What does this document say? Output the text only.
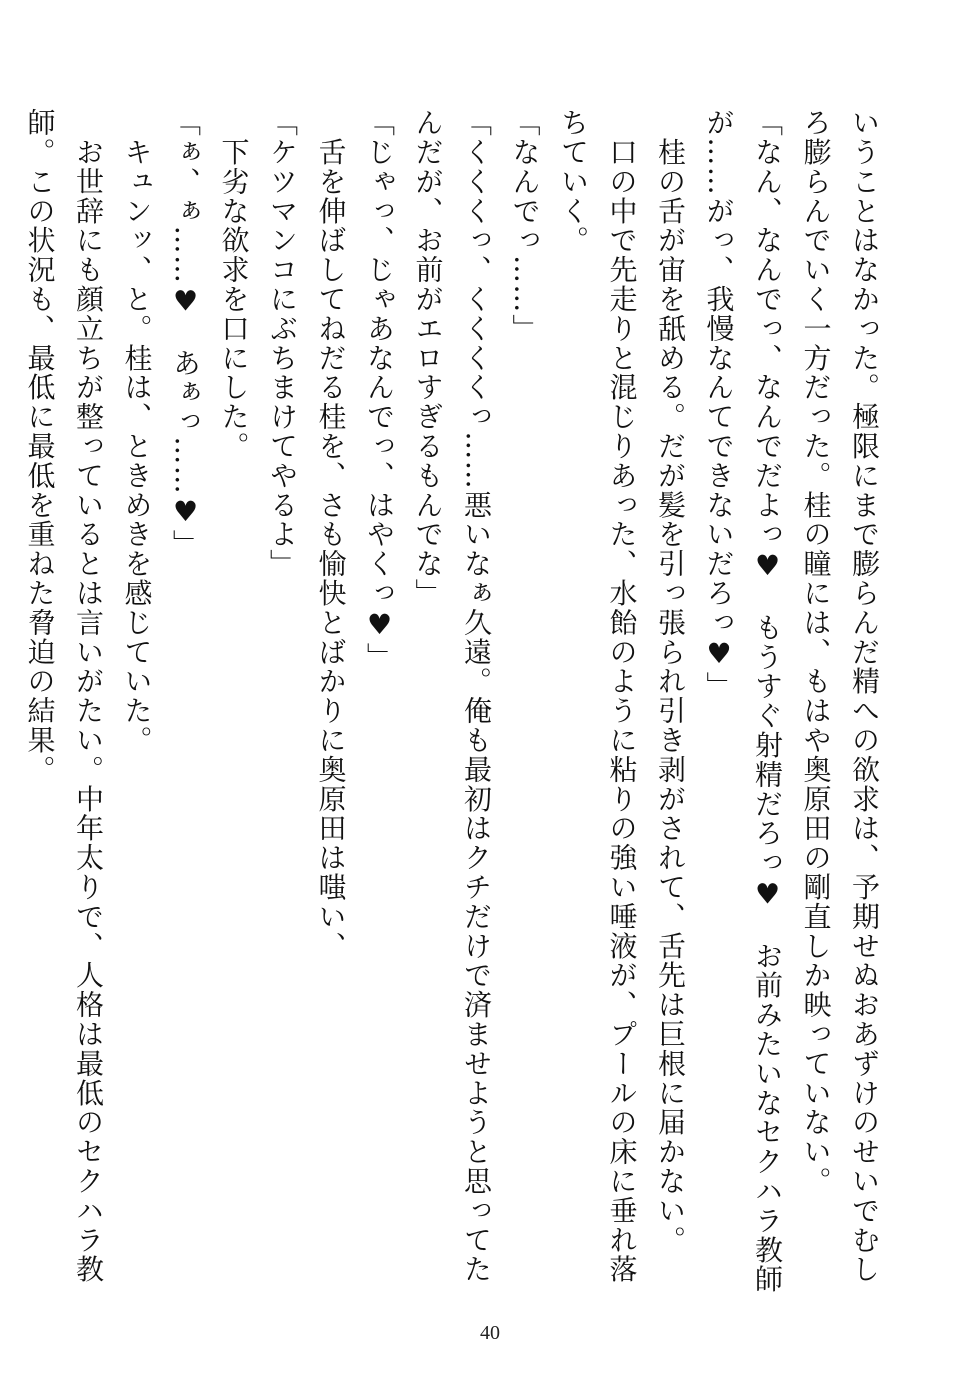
いうことはなかった。極限にまで膨らんだ精への欲求は、予期せぬおあずけのせいでむし
ろ膨らんでいく一方だった。桂の瞳には、もはや奥原田の剛直しか映っていない。
「なん、なんでっ、なんでだよっ♥　もうすぐ射精だろっ♥　お前みたいなセクハラ教師
が……がっ、我慢なんてできないだろっ♥」
　桂の舌が宙を舐める。だが髪を引っ張られ引き剥がされて、舌先は巨根に届かない。
　口の中で先走りと混じりあった、水飴のように粘りの強い唾液が、プールの床に垂れ落
ちていく。
「なんでっ……」
「くくくっ、くくくくっ……悪いなぁ久遠。俺も最初はクチだけで済ませようと思ってた
んだが、お前がエロすぎるもんでな」
「じゃっ、じゃあなんでっ、はやくっ♥」
　舌を伸ばしてねだる桂を、さも愉快とばかりに奥原田は嗤い、
「ケツマンコにぶちまけてやるよ」
　下劣な欲求を口にした。
「ぁ、ぁ……♥　あぁっ……♥」
　キュンッ、と。桂は、ときめきを感じていた。
　お世辞にも顔立ちが整っているとは言いがたい。中年太りで、人格は最低のセクハラ教
師。この状況も、最低に最低を重ねた脅迫の結果。
40
